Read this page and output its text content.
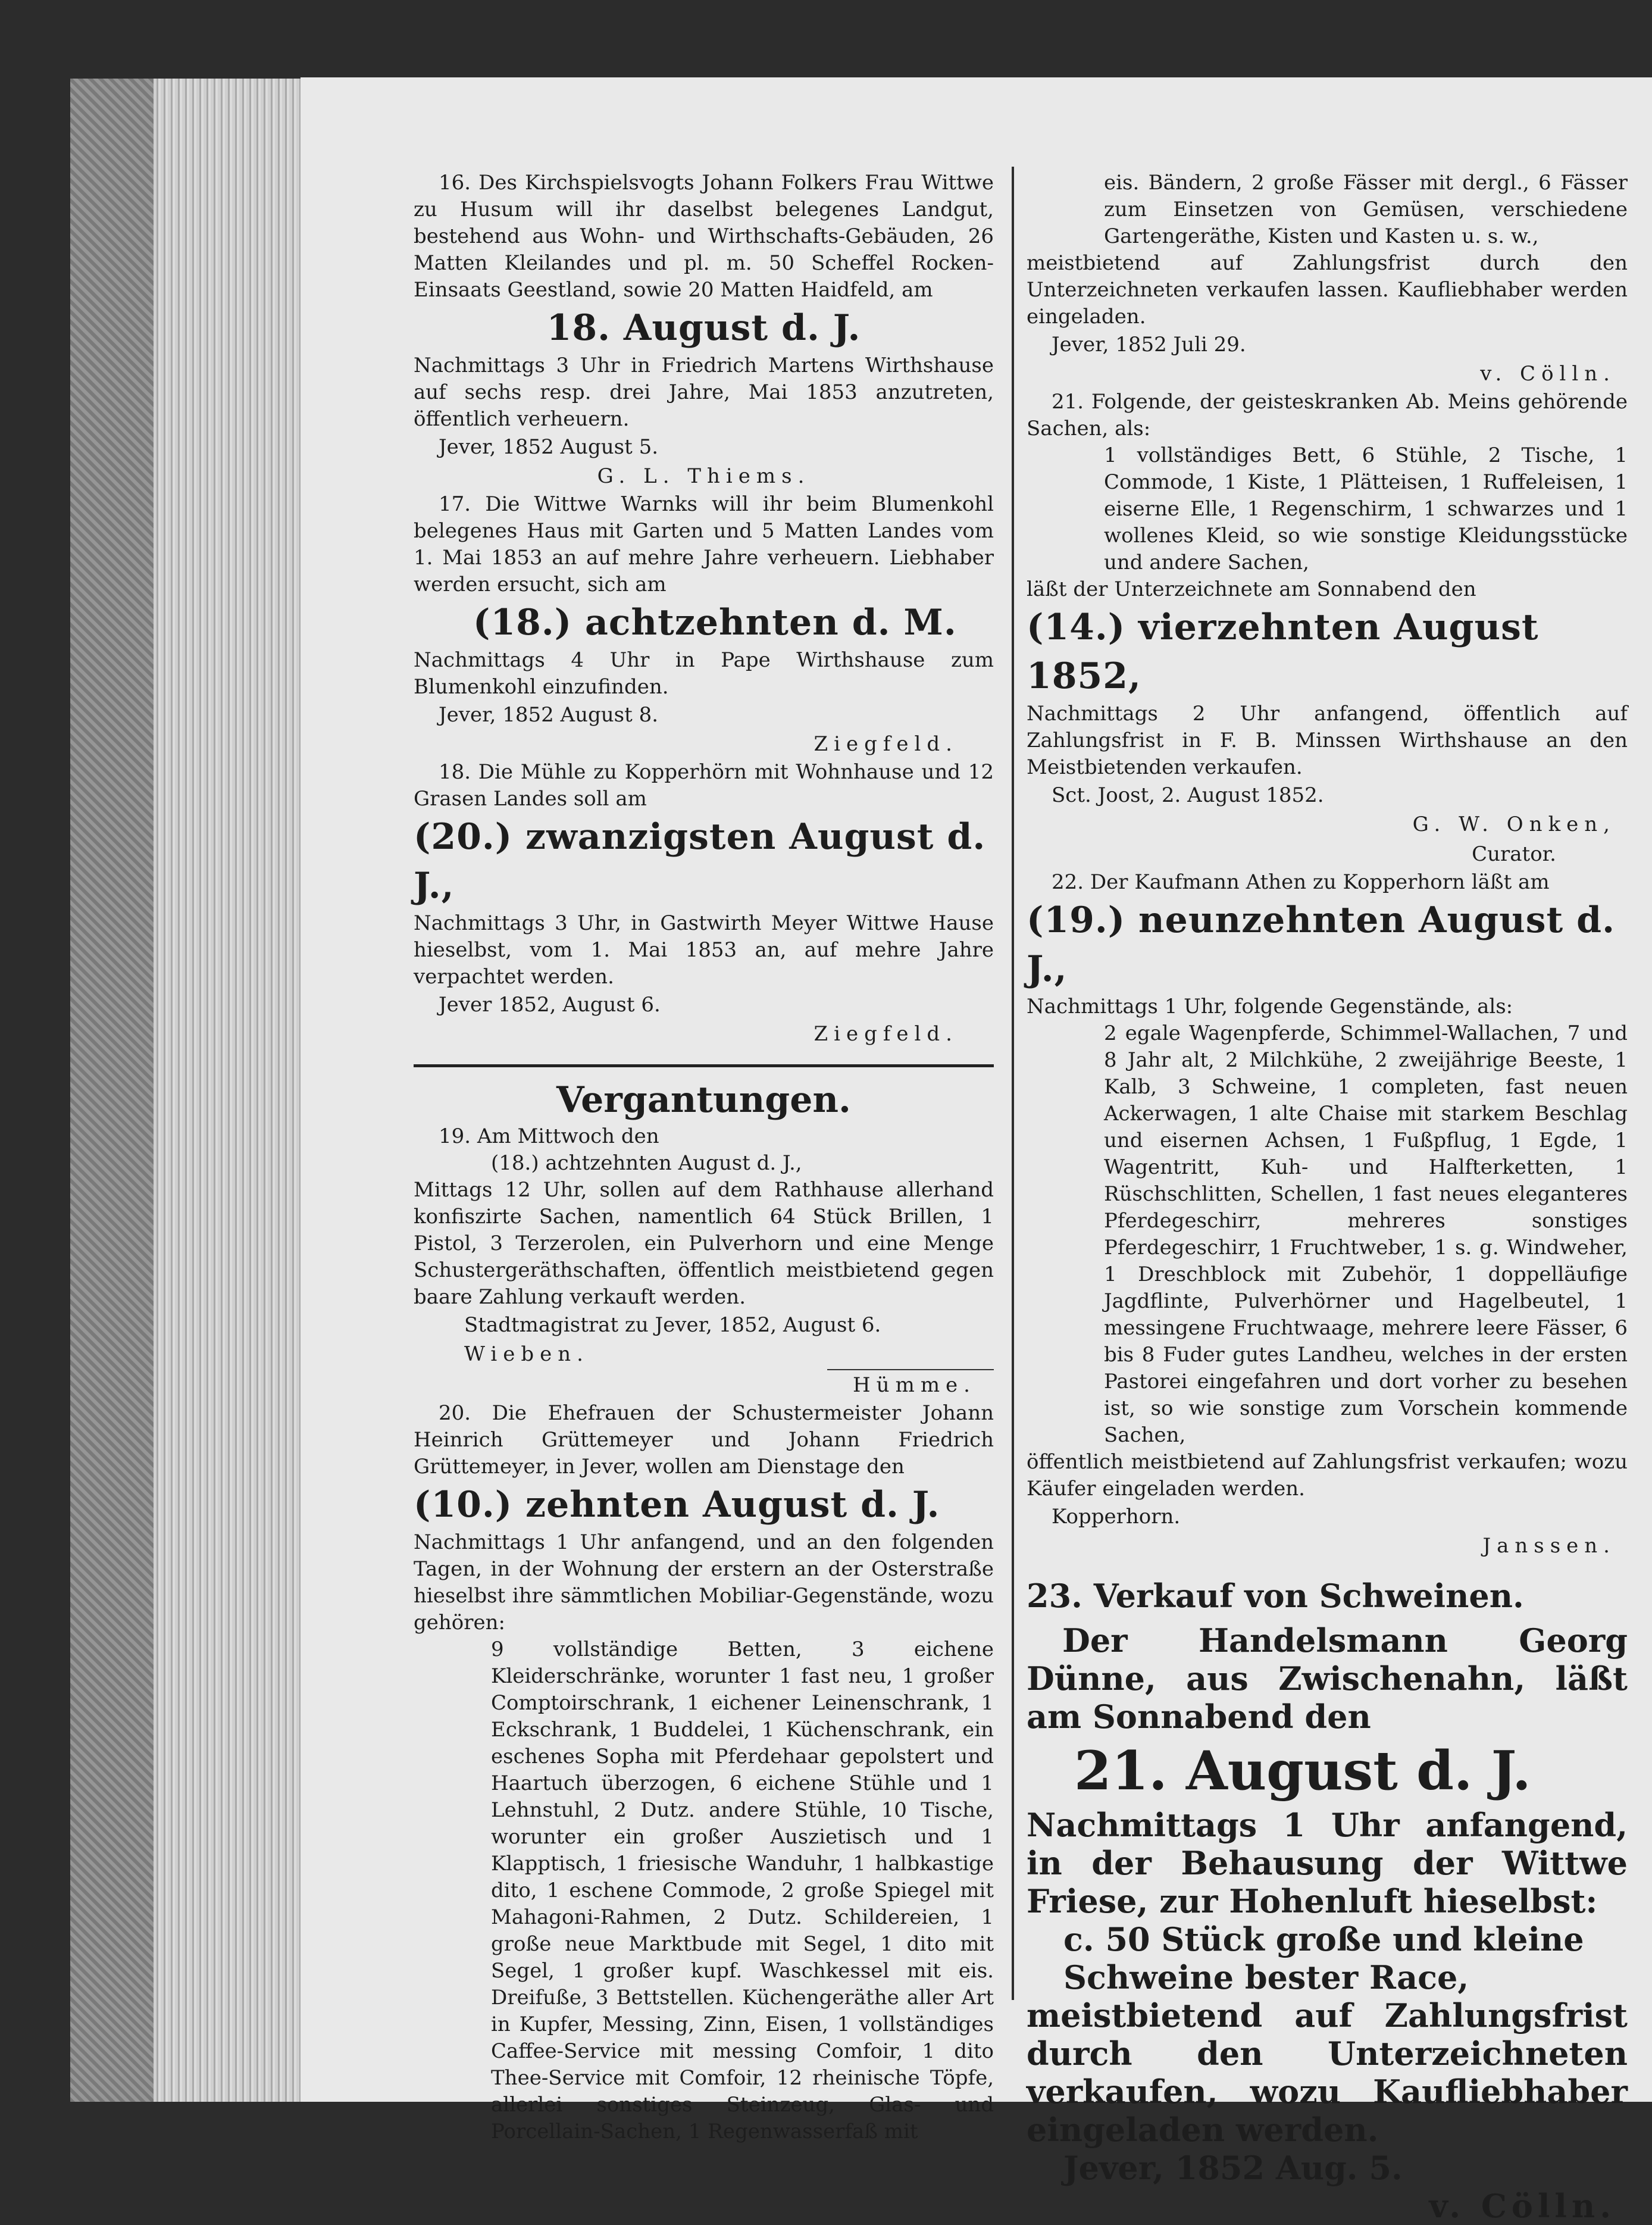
16. Des Kirchspielsvogts Johann Folkers Frau Wittwe zu Husum will ihr daselbst belegenes Landgut, bestehend aus Wohn- und Wirthschafts-Gebäuden, 26 Matten Kleilandes und pl. m. 50 Scheffel Rocken-Einsaats Geestland, sowie 20 Matten Haidfeld, am

18. August d. J.

Nachmittags 3 Uhr in Friedrich Martens Wirthshause auf sechs resp. drei Jahre, Mai 1853 anzutreten, öffentlich verheuern.

Jever, 1852 August 5.

G. L. Thiems.

17. Die Wittwe Warnks will ihr beim Blumenkohl belegenes Haus mit Garten und 5 Matten Landes vom 1. Mai 1853 an auf mehre Jahre verheuern. Liebhaber werden ersucht, sich am

(18.) achtzehnten d. M.

Nachmittags 4 Uhr in Pape Wirthshause zum Blumenkohl einzufinden.

Jever, 1852 August 8.

Ziegfeld.

18. Die Mühle zu Kopperhörn mit Wohnhause und 12 Grasen Landes soll am

(20.) zwanzigsten August d. J.,

Nachmittags 3 Uhr, in Gastwirth Meyer Wittwe Hause hieselbst, vom 1. Mai 1853 an, auf mehre Jahre verpachtet werden.

Jever 1852, August 6.

Ziegfeld.

Vergantungen.

19. Am Mittwoch den

(18.) achtzehnten August d. J.,

Mittags 12 Uhr, sollen auf dem Rathhause allerhand konfiszirte Sachen, namentlich 64 Stück Brillen, 1 Pistol, 3 Terzerolen, ein Pulverhorn und eine Menge Schustergeräthschaften, öffentlich meistbietend gegen baare Zahlung verkauft werden.

Stadtmagistrat zu Jever, 1852, August 6.

Wieben.

Hümme.

20. Die Ehefrauen der Schustermeister Johann Heinrich Grüttemeyer und Johann Friedrich Grüttemeyer, in Jever, wollen am Dienstage den

(10.) zehnten August d. J.

Nachmittags 1 Uhr anfangend, und an den folgenden Tagen, in der Wohnung der erstern an der Osterstraße hieselbst ihre sämmtlichen Mobiliar-Gegenstände, wozu gehören:

9 vollständige Betten, 3 eichene Kleiderschränke, worunter 1 fast neu, 1 großer Comptoirschrank, 1 eichener Leinenschrank, 1 Eckschrank, 1 Buddelei, 1 Küchenschrank, ein eschenes Sopha mit Pferdehaar gepolstert und Haartuch überzogen, 6 eichene Stühle und 1 Lehnstuhl, 2 Dutz. andere Stühle, 10 Tische, worunter ein großer Auszietisch und 1 Klapptisch, 1 friesische Wanduhr, 1 halbkastige dito, 1 eschene Commode, 2 große Spiegel mit Mahagoni-Rahmen, 2 Dutz. Schildereien, 1 große neue Marktbude mit Segel, 1 dito mit Segel, 1 großer kupf. Waschkessel mit eis. Dreifuße, 3 Bettstellen. Küchengeräthe aller Art in Kupfer, Messing, Zinn, Eisen, 1 vollständiges Caffee-Service mit messing Comfoir, 1 dito Thee-Service mit Comfoir, 12 rheinische Töpfe, allerlei sonstiges Steinzeug, Glas- und Porcellain-Sachen, 1 Regenwasserfaß mit

eis. Bändern, 2 große Fässer mit dergl., 6 Fässer zum Einsetzen von Gemüsen, verschiedene Gartengeräthe, Kisten und Kasten u. s. w.,

meistbietend auf Zahlungsfrist durch den Unterzeichneten verkaufen lassen. Kaufliebhaber werden eingeladen.

Jever, 1852 Juli 29.

v. Cölln.

21. Folgende, der geisteskranken Ab. Meins gehörende Sachen, als:

1 vollständiges Bett, 6 Stühle, 2 Tische, 1 Commode, 1 Kiste, 1 Plätteisen, 1 Ruffeleisen, 1 eiserne Elle, 1 Regenschirm, 1 schwarzes und 1 wollenes Kleid, so wie sonstige Kleidungsstücke und andere Sachen,

läßt der Unterzeichnete am Sonnabend den

(14.) vierzehnten August 1852,

Nachmittags 2 Uhr anfangend, öffentlich auf Zahlungsfrist in F. B. Minssen Wirthshause an den Meistbietenden verkaufen.

Sct. Joost, 2. August 1852.

G. W. Onken,

Curator.

22. Der Kaufmann Athen zu Kopperhorn läßt am

(19.) neunzehnten August d. J.,

Nachmittags 1 Uhr, folgende Gegenstände, als:

2 egale Wagenpferde, Schimmel-Wallachen, 7 und 8 Jahr alt, 2 Milchkühe, 2 zweijährige Beeste, 1 Kalb, 3 Schweine, 1 completen, fast neuen Ackerwagen, 1 alte Chaise mit starkem Beschlag und eisernen Achsen, 1 Fußpflug, 1 Egde, 1 Wagentritt, Kuh- und Halfterketten, 1 Rüschschlitten, Schellen, 1 fast neues eleganteres Pferdegeschirr, mehreres sonstiges Pferdegeschirr, 1 Fruchtweber, 1 s. g. Windweher, 1 Dreschblock mit Zubehör, 1 doppelläufige Jagdflinte, Pulverhörner und Hagelbeutel, 1 messingene Fruchtwaage, mehrere leere Fässer, 6 bis 8 Fuder gutes Landheu, welches in der ersten Pastorei eingefahren und dort vorher zu besehen ist, so wie sonstige zum Vorschein kommende Sachen,

öffentlich meistbietend auf Zahlungsfrist verkaufen; wozu Käufer eingeladen werden.

Kopperhorn.

Janssen.

23. Verkauf von Schweinen.

Der Handelsmann Georg Dünne, aus Zwischenahn, läßt am Sonnabend den

21. August d. J.

Nachmittags 1 Uhr anfangend, in der Behausung der Wittwe Friese, zur Hohenluft hieselbst:

c. 50 Stück große und kleine Schweine bester Race,

meistbietend auf Zahlungsfrist durch den Unterzeichneten verkaufen, wozu Kaufliebhaber eingeladen werden.

Jever, 1852 Aug. 5.

v. Cölln.
